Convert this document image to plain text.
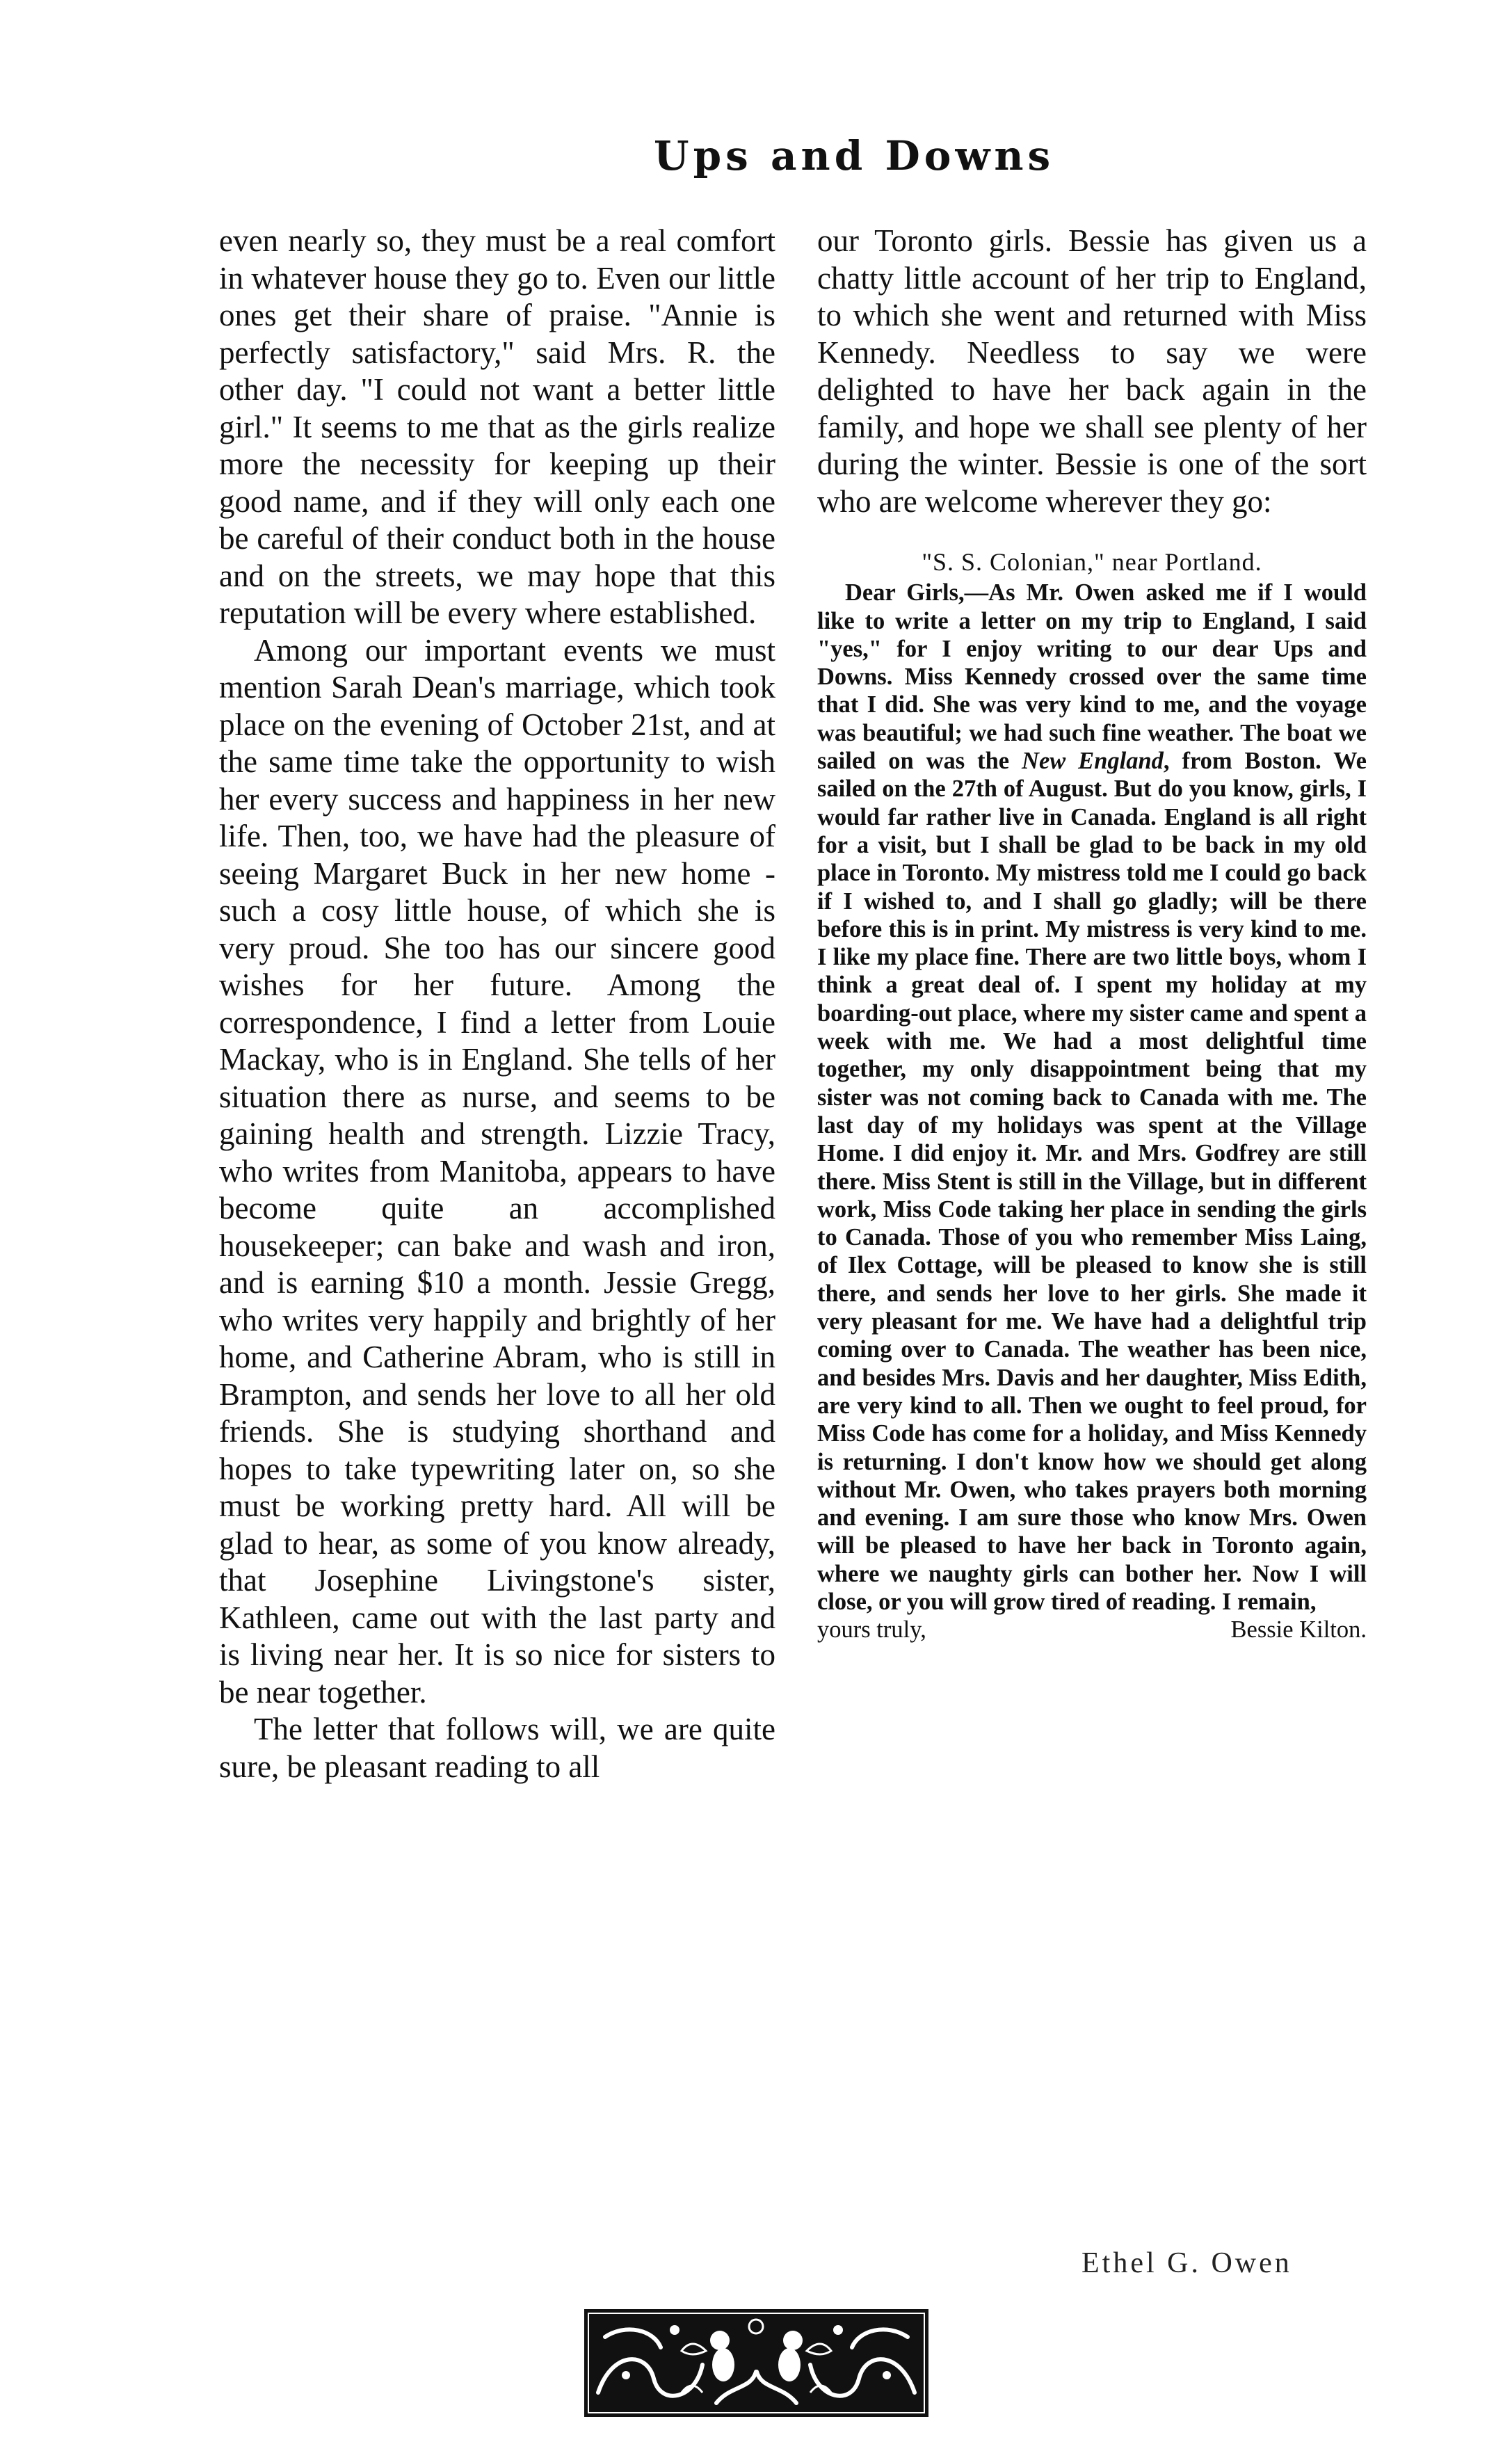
Ups and Downs

even nearly so, they must be a real comfort in whatever house they go to. Even our little ones get their share of praise. "Annie is perfectly satisfactory," said Mrs. R. the other day. "I could not want a better little girl." It seems to me that as the girls realize more the necessity for keeping up their good name, and if they will only each one be careful of their conduct both in the house and on the streets, we may hope that this reputation will be every where established.

Among our important events we must mention Sarah Dean's marriage, which took place on the evening of October 21st, and at the same time take the opportunity to wish her every success and happiness in her new life. Then, too, we have had the pleasure of seeing Margaret Buck in her new home - such a cosy little house, of which she is very proud. She too has our sincere good wishes for her future. Among the correspondence, I find a letter from Louie Mackay, who is in England. She tells of her situation there as nurse, and seems to be gaining health and strength. Lizzie Tracy, who writes from Manitoba, appears to have become quite an accomplished housekeeper; can bake and wash and iron, and is earning $10 a month. Jessie Gregg, who writes very happily and brightly of her home, and Catherine Abram, who is still in Brampton, and sends her love to all her old friends. She is studying shorthand and hopes to take typewriting later on, so she must be working pretty hard. All will be glad to hear, as some of you know already, that Josephine Livingstone's sister, Kathleen, came out with the last party and is living near her. It is so nice for sisters to be near together.

The letter that follows will, we are quite sure, be pleasant reading to all

our Toronto girls. Bessie has given us a chatty little account of her trip to England, to which she went and returned with Miss Kennedy. Needless to say we were delighted to have her back again in the family, and hope we shall see plenty of her during the winter. Bessie is one of the sort who are welcome wherever they go:

"S. S. Colonian," near Portland.

Dear Girls,—As Mr. Owen asked me if I would like to write a letter on my trip to England, I said "yes," for I enjoy writing to our dear Ups and Downs. Miss Kennedy crossed over the same time that I did. She was very kind to me, and the voyage was beautiful; we had such fine weather. The boat we sailed on was the New England, from Boston. We sailed on the 27th of August. But do you know, girls, I would far rather live in Canada. England is all right for a visit, but I shall be glad to be back in my old place in Toronto. My mistress told me I could go back if I wished to, and I shall go gladly; will be there before this is in print. My mistress is very kind to me. I like my place fine. There are two little boys, whom I think a great deal of. I spent my holiday at my boarding-out place, where my sister came and spent a week with me. We had a most delightful time together, my only disappointment being that my sister was not coming back to Canada with me. The last day of my holidays was spent at the Village Home. I did enjoy it. Mr. and Mrs. Godfrey are still there. Miss Stent is still in the Village, but in different work, Miss Code taking her place in sending the girls to Canada. Those of you who remember Miss Laing, of Ilex Cottage, will be pleased to know she is still there, and sends her love to her girls. She made it very pleasant for me. We have had a delightful trip coming over to Canada. The weather has been nice, and besides Mrs. Davis and her daughter, Miss Edith, are very kind to all. Then we ought to feel proud, for Miss Code has come for a holiday, and Miss Kennedy is returning. I don't know how we should get along without Mr. Owen, who takes prayers both morning and evening. I am sure those who know Mrs. Owen will be pleased to have her back in Toronto again, where we naughty girls can bother her. Now I will close, or you will grow tired of reading. I remain,

yours truly,	Bessie Kilton.
Ethel G. Owen
